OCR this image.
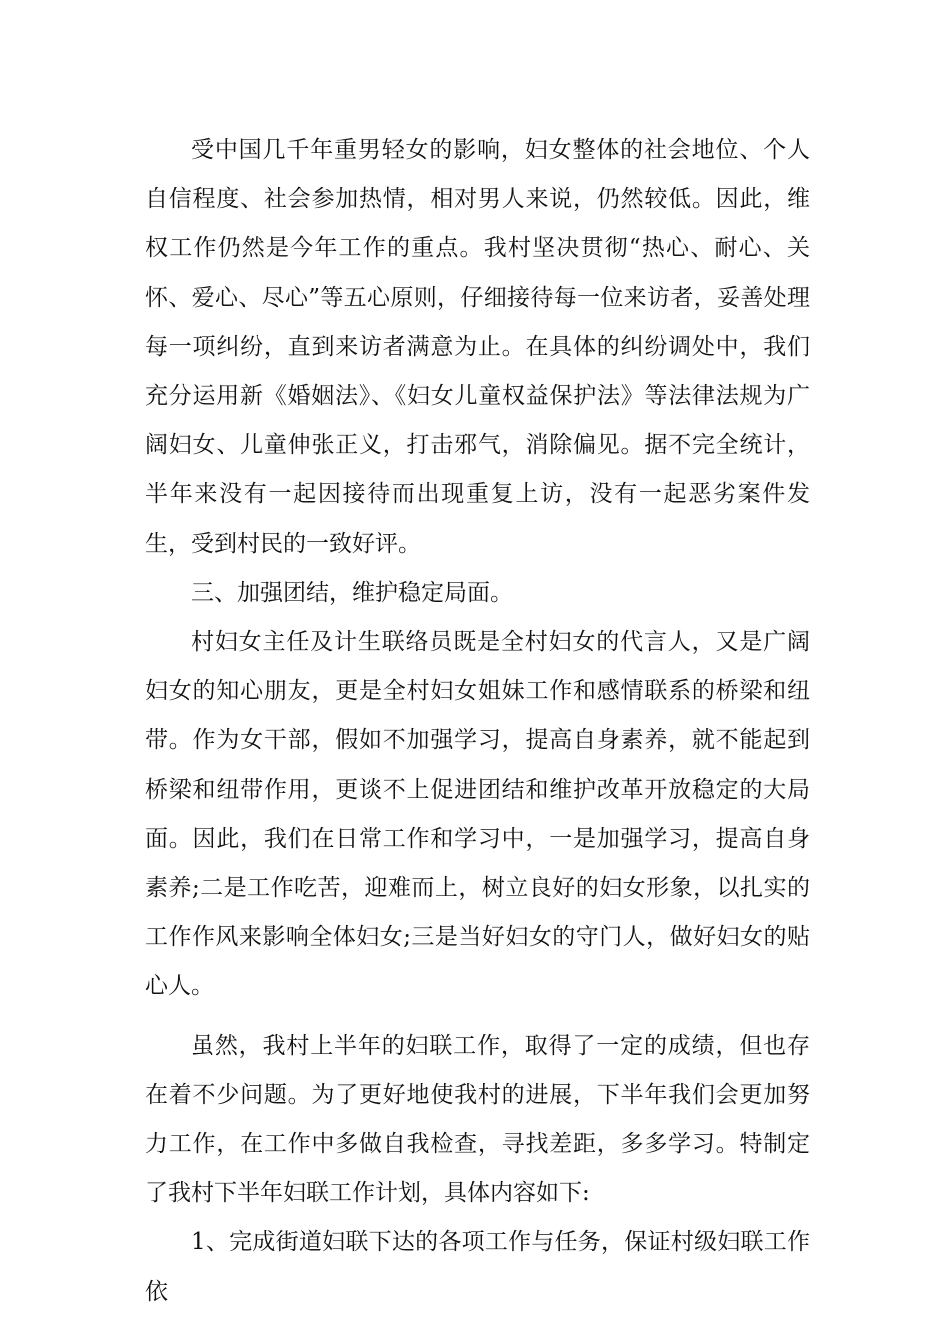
受中国几千年重男轻女的影响，妇女整体的社会地位、个人自信程度、社会参加热情，相对男人来说，仍然较低。因此，维权工作仍然是今年工作的重点。我村坚决贯彻“热心、耐心、关怀、爱心、尽心”等五心原则，仔细接待每一位来访者，妥善处理每一项纠纷，直到来访者满意为止。在具体的纠纷调处中，我们充分运用新《婚姻法》、《妇女儿童权益保护法》等法律法规为广阔妇女、儿童伸张正义，打击邪气，消除偏见。据不完全统计，半年来没有一起因接待而出现重复上访，没有一起恶劣案件发生，受到村民的一致好评。

三、加强团结，维护稳定局面。

村妇女主任及计生联络员既是全村妇女的代言人，又是广阔妇女的知心朋友，更是全村妇女姐妹工作和感情联系的桥梁和纽带。作为女干部，假如不加强学习，提高自身素养，就不能起到桥梁和纽带作用，更谈不上促进团结和维护改革开放稳定的大局面。因此，我们在日常工作和学习中，一是加强学习，提高自身素养;二是工作吃苦，迎难而上，树立良好的妇女形象，以扎实的工作作风来影响全体妇女;三是当好妇女的守门人，做好妇女的贴心人。

虽然，我村上半年的妇联工作，取得了一定的成绩，但也存在着不少问题。为了更好地使我村的进展，下半年我们会更加努力工作，在工作中多做自我检查，寻找差距，多多学习。特制定了我村下半年妇联工作计划，具体内容如下:

1、完成街道妇联下达的各项工作与任务，保证村级妇联工作依
